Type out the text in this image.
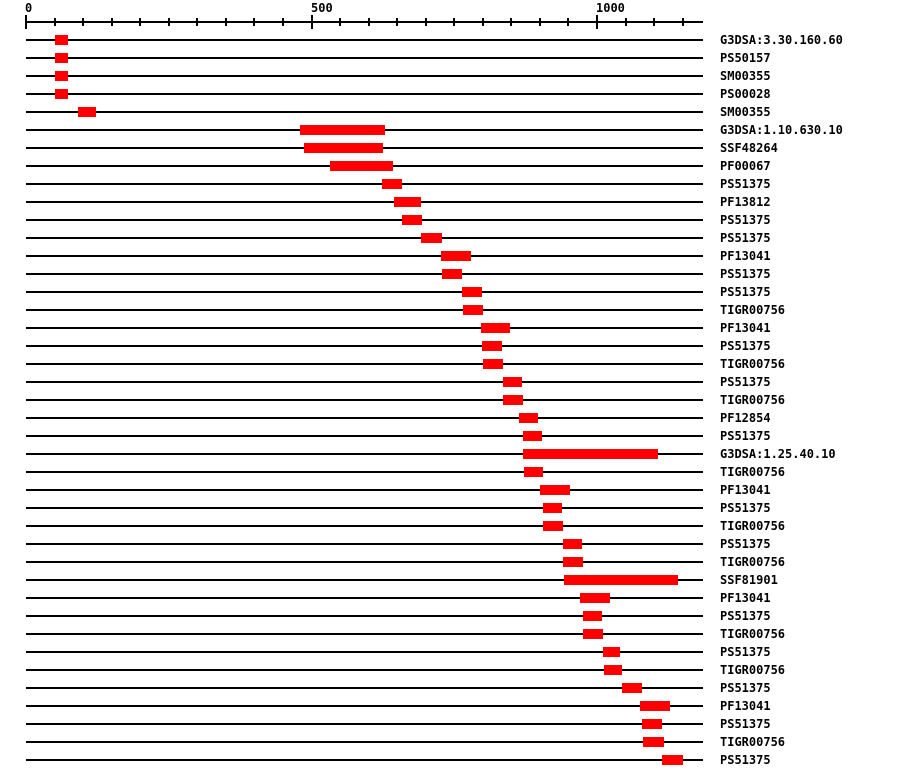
0	500	1000
G3DSA:3.30.160.60
PS50157
SM00355
PS00028
SM00355
G3DSA:1.10.630.10
SSF48264
PF00067
PS51375
PF13812
PS51375
PS51375
PF13041
PS51375
PS51375
TIGR00756
PF13041
PS51375
TIGR00756
PS51375
TIGR00756
PF12854
PS51375
G3DSA:1.25.40.10
TIGR00756
PF13041
PS51375
TIGR00756
PS51375
TIGR00756
SSF81901
PF13041
PS51375
TIGR00756
PS51375
TIGR00756
PS51375
PF13041
PS51375
TIGR00756
PS51375
